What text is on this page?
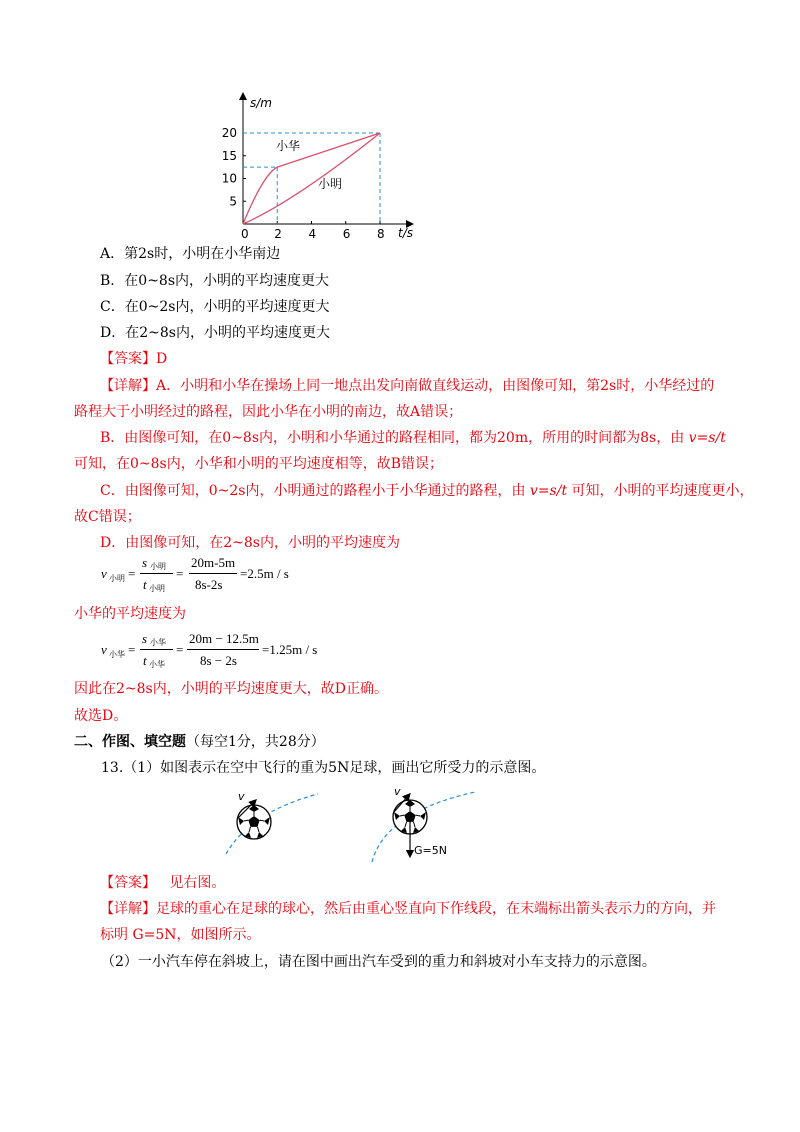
s/m
t/s
0 2 4 6 8
5
10
15
20
小华
小明
A．第2s时，小明在小华南边
B．在0~8s内，小明的平均速度更大
C．在0~2s内，小明的平均速度更大
D．在2~8s内，小明的平均速度更大
【答案】D
【详解】A．小明和小华在操场上同一地点出发向南做直线运动，由图像可知，第2s时，小华经过的
路程大于小明经过的路程，因此小华在小明的南边，故A错误；
B．由图像可知，在0~8s内，小明和小华通过的路程相同，都为20m，所用的时间都为8s，由 v=s/t
可知，在0~8s内，小华和小明的平均速度相等，故B错误；
C．由图像可知，0~2s内，小明通过的路程小于小华通过的路程，由 v=s/t 可知，小明的平均速度更小，
故C错误；
D．由图像可知，在2~8s内，小明的平均速度为
v 小明 =
s 小明
t 小明
=
20m-5m
8s-2s
=2.5m / s
小华的平均速度为
v 小华 =
s 小华
t 小华
=
20m − 12.5m
8s − 2s
=1.25m / s
因此在2~8s内，小明的平均速度更大，故D正确。
故选D。
二、作图、填空题（每空1分，共28分）
13.（1）如图表示在空中飞行的重为5N足球，画出它所受力的示意图。
v	v
G=5N
【答案】 见右图。
【详解】足球的重心在足球的球心，然后由重心竖直向下作线段，在末端标出箭头表示力的方向，并
标明 G=5N，如图所示。
（2）一小汽车停在斜坡上，请在图中画出汽车受到的重力和斜坡对小车支持力的示意图。
